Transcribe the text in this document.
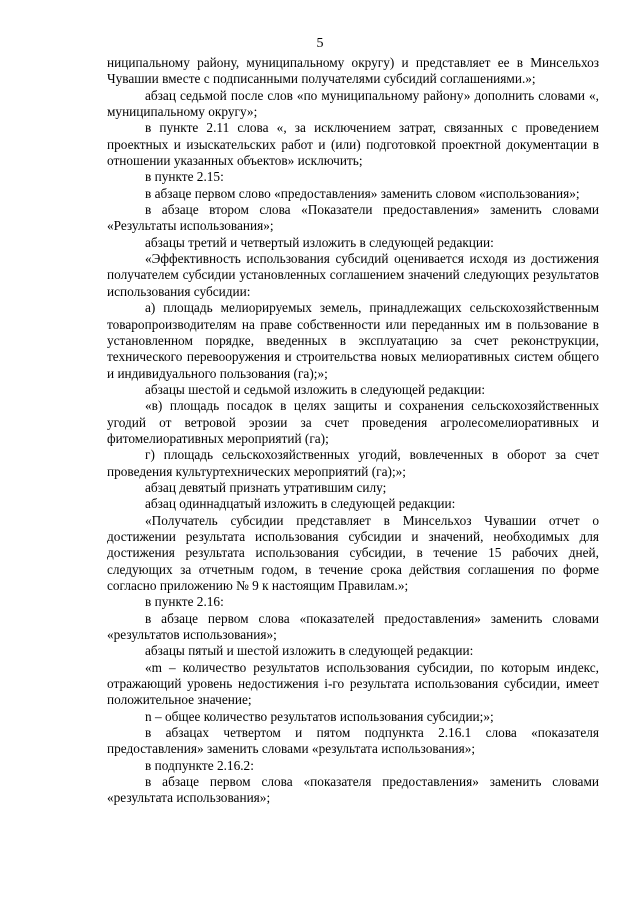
5

ниципальному району, муниципальному округу) и представляет ее в Минсельхоз Чувашии вместе с подписанными получателями субсидий соглашениями.»;

абзац седьмой после слов «по муниципальному району» дополнить словами «, муниципальному округу»;

в пункте 2.11 слова «, за исключением затрат, связанных с проведением проектных и изыскательских работ и (или) подготовкой проектной документации в отношении указанных объектов» исключить;

в пункте 2.15:

в абзаце первом слово «предоставления» заменить словом «использования»;

в абзаце втором слова «Показатели предоставления» заменить словами «Результаты использования»;

абзацы третий и четвертый изложить в следующей редакции:

«Эффективность использования субсидий оценивается исходя из достижения получателем субсидии установленных соглашением значений следующих результатов использования субсидии:

а) площадь мелиорируемых земель, принадлежащих сельскохозяйственным товаропроизводителям на праве собственности или переданных им в пользование в установленном порядке, введенных в эксплуатацию за счет реконструкции, технического перевооружения и строительства новых мелиоративных систем общего и индивидуального пользования (га);»;

абзацы шестой и седьмой изложить в следующей редакции:

«в) площадь посадок в целях защиты и сохранения сельскохозяйственных угодий от ветровой эрозии за счет проведения агролесомелиоративных и фитомелиоративных мероприятий (га);

г) площадь сельскохозяйственных угодий, вовлеченных в оборот за счет проведения культуртехнических мероприятий (га);»;

абзац девятый признать утратившим силу;

абзац одиннадцатый изложить в следующей редакции:

«Получатель субсидии представляет в Минсельхоз Чувашии отчет о достижении результата использования субсидии и значений, необходимых для достижения результата использования субсидии, в течение 15 рабочих дней, следующих за отчетным годом, в течение срока действия соглашения по форме согласно приложению № 9 к настоящим Правилам.»;

в пункте 2.16:

в абзаце первом слова «показателей предоставления» заменить словами «результатов использования»;

абзацы пятый и шестой изложить в следующей редакции:

«m – количество результатов использования субсидии, по которым индекс, отражающий уровень недостижения i-го результата использования субсидии, имеет положительное значение;

n – общее количество результатов использования субсидии;»;

в абзацах четвертом и пятом подпункта 2.16.1 слова «показателя предоставления» заменить словами «результата использования»;

в подпункте 2.16.2:

в абзаце первом слова «показателя предоставления» заменить словами «результата использования»;
